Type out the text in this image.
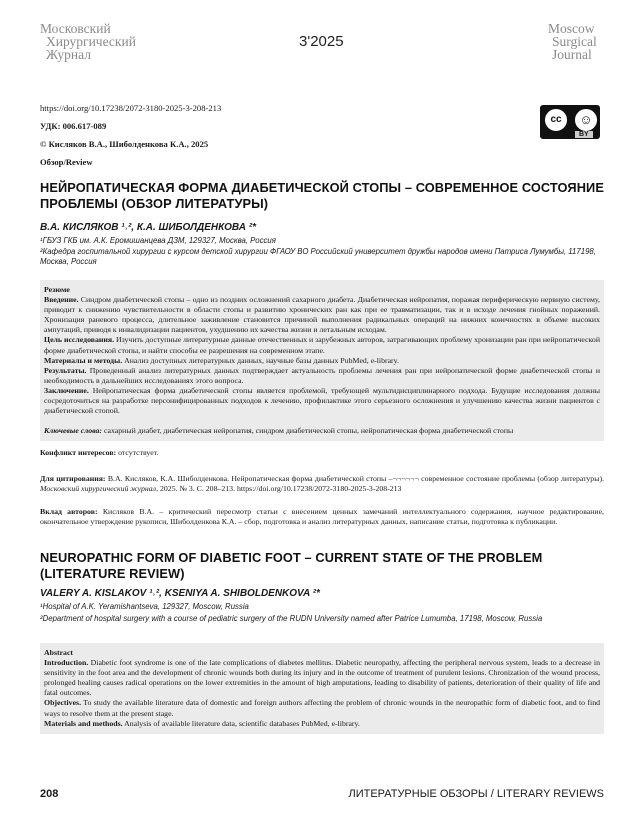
Московский
Хирургический
Журнал
3'2025
Moscow
Surgical
Journal
https://doi.org/10.17238/2072-3180-2025-3-208-213
УДК: 006.617-089
© Кисляков В.А., Шиболденкова К.А., 2025
Обзор/Review
cc	☺
BY
НЕЙРОПАТИЧЕСКАЯ ФОРМА ДИАБЕТИЧЕСКОЙ СТОПЫ – СОВРЕМЕННОЕ СОСТОЯНИЕ ПРОБЛЕМЫ (ОБЗОР ЛИТЕРАТУРЫ)
В.А. КИСЛЯКОВ ¹˒², К.А. ШИБОЛДЕНКОВА ²*
¹ГБУЗ ГКБ им. А.К. Еромишанцева ДЗМ, 129327, Москва, Россия
²Кафедра госпитальной хирургии с курсом детской хирургии ФГАОУ ВО Российский университет дружбы народов имени Патриса Лумумбы, 117198, Москва, Россия

Резюме

Введение. Синдром диабетической стопы – одно из поздних осложнений сахарного диабета. Диабетическая нейропатия, поражая периферическую нервную систему, приводит к снижению чувствительности в области стопы и развитию хронических ран как при ее травматизации, так и в исходе лечения гнойных поражений. Хронизация раневого процесса, длительное заживление становится причиной выполнения радикальных операций на нижних конечностях в объеме высоких ампутаций, приводя к инвалидизации пациентов, ухудшению их качества жизни и летальным исходам.

Цель исследования. Изучить доступные литературные данные отечественных и зарубежных авторов, затрагивающих проблему хронизации ран при нейропатической форме диабетической стопы, и найти способы ее разрешения на современном этапе.

Материалы и методы. Анализ доступных литературных данных, научные базы данных PubMed, e-library.

Результаты. Проведенный анализ литературных данных подтверждает актуальность проблемы лечения ран при нейропатической форме диабетической стопы и необходимость в дальнейших исследованиях этого вопроса.

Заключение. Нейропатическая форма диабетической стопы является проблемой, требующей мультидисциплинарного подхода. Будущие исследования должны сосредоточиться на разработке персонифицированных подходов к лечению, профилактике этого серьезного осложнения и улучшению качества жизни пациентов с диабетической стопой.

Ключевые слова: сахарный диабет, диабетическая нейропатия, синдром диабетической стопы, нейропатическая форма диабетической стопы

Конфликт интересов: отсутствует.
Для цитирования: В.А. Кисляков, К.А. Шиболденкова. Нейропатическая форма диабетической стопы –¬¬¬¬¬¬ современное состояние проблемы (обзор литературы). Московский хирургический журнал, 2025. № 3. С. 208–213. https://doi.org/10.17238/2072-3180-2025-3-208-213
Вклад авторов: Кисляков В.А. – критический пересмотр статьи с внесением ценных замечаний интеллектуального содержания, научное редактирование, окончательное утверждение рукописи, Шиболденкова К.А. – сбор, подготовка и анализ литературных данных, написание статьи, подготовка к публикации.
NEUROPATHIC FORM OF DIABETIC FOOT – CURRENT STATE OF THE PROBLEM (LITERATURE REVIEW)
VALERY A. KISLAKOV ¹˒², KSENIYA A. SHIBOLDENKOVA ²*
¹Hospital of A.K. Yeramishantseva, 129327, Moscow, Russia
²Department of hospital surgery with a course of pediatric surgery of the RUDN University named after Patrice Lumumba, 17198, Moscow, Russia

Abstract

Introduction. Diabetic foot syndrome is one of the late complications of diabetes mellitus. Diabetic neuropathy, affecting the peripheral nervous system, leads to a decrease in sensitivity in the foot area and the development of chronic wounds both during its injury and in the outcome of treatment of purulent lesions. Chronization of the wound process, prolonged healing causes radical operations on the lower extremities in the amount of high amputations, leading to disability of patients, deterioration of their quality of life and fatal outcomes.

Objectives. To study the available literature data of domestic and foreign authors affecting the problem of chronic wounds in the neuropathic form of diabetic foot, and to find ways to resolve them at the present stage.

Materials and methods. Analysis of available literature data, scientific databases PubMed, e-library.

208	ЛИТЕРАТУРНЫЕ ОБЗОРЫ / LITERARY REVIEWS
